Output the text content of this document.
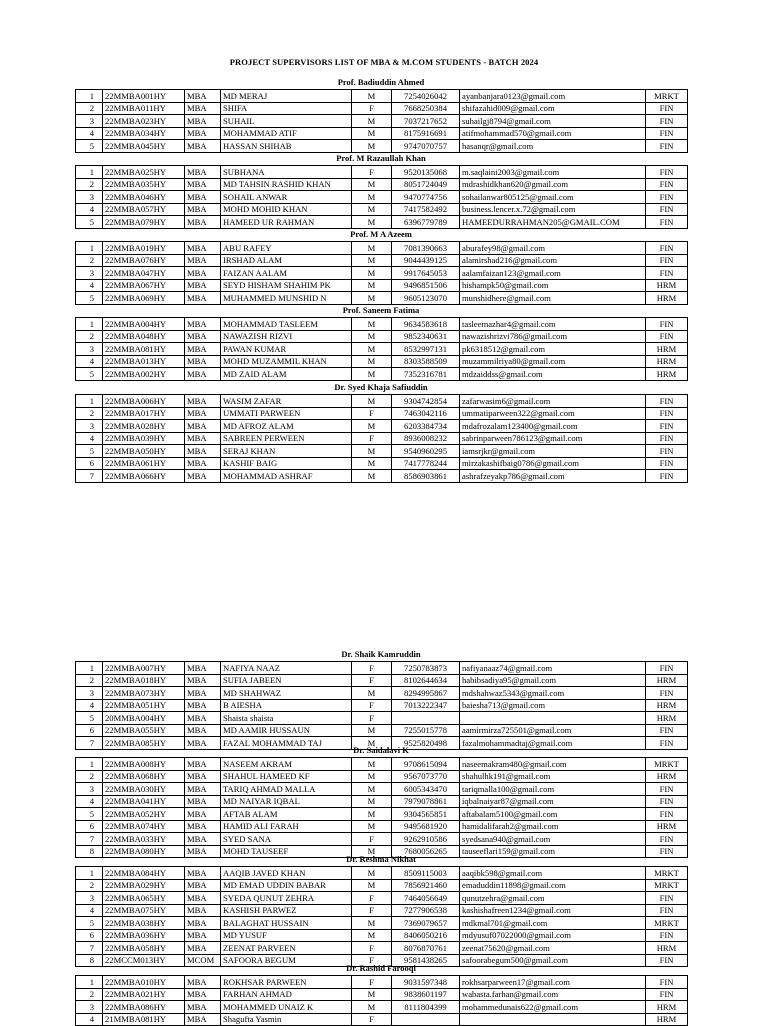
PROJECT SUPERVISORS LIST OF MBA & M.COM STUDENTS - BATCH 2024
Prof. Badiuddin Ahmed
1	22MMBA001HY	MBA	MD MERAJ	M	7254026042	ayanbanjara0123@gmail.com	MRKT
2	22MMBA011HY	MBA	SHIFA	F	7668250384	shifazahid009@gmail.com	FIN
3	22MMBA023HY	MBA	SUHAIL	M	7037217652	suhailgj8794@gmail.com	FIN
4	22MMBA034HY	MBA	MOHAMMAD ATIF	M	8175916691	atifmohammad570@gmail.com	FIN
5	22MMBA045HY	MBA	HASSAN SHIHAB	M	9747070757	hasanqr@gmail.com	FIN
Prof. M Razaullah Khan
1	22MMBA025HY	MBA	SUBHANA	F	9520135068	m.saqlaini2003@gmail.com	FIN
2	22MMBA035HY	MBA	MD TAHSIN RASHID KHAN	M	8051724049	mdrashidkhan620@gmail.com	FIN
3	22MMBA046HY	MBA	SOHAIL ANWAR	M	9470774756	sohailanwar805125@gmail.com	FIN
4	22MMBA057HY	MBA	MOHD MOHID KHAN	M	7417582492	business.lencer.x.72@gmail.com	FIN
5	22MMBA079HY	MBA	HAMEED UR RAHMAN	M	6396779789	HAMEEDURRAHMAN205@GMAIL.COM	FIN
Prof. M A Azeem
1	22MMBA019HY	MBA	ABU RAFEY	M	7081390663	aburafey98@gmail.com	FIN
2	22MMBA076HY	MBA	IRSHAD ALAM	M	9044439125	alamirshad216@gmail.com	FIN
3	22MMBA047HY	MBA	FAIZAN AALAM	M	9917645053	aalamfaizan123@gmail.com	FIN
4	22MMBA067HY	MBA	SEYD HISHAM SHAHIM PK	M	9496851506	hishampk50@gmail.com	HRM
5	22MMBA069HY	MBA	MUHAMMED MUNSHID N	M	9605123070	munshidhere@gmail.com	HRM
Prof. Saneem Fatima
1	22MMBA004HY	MBA	MOHAMMAD TASLEEM	M	9634583618	tasleemazhar4@gmail.com	FIN
2	22MMBA048HY	MBA	NAWAZISH RIZVI	M	9852340631	nawazishrizvi786@gmail.com	FIN
3	22MMBA081HY	MBA	PAWAN KUMAR	M	8532997131	pk6318512@gmail.com	HRM
4	22MMBA013HY	MBA	MOHD MUZAMMIL KHAN	M	8303588509	muzammilriya80@gmail.com	HRM
5	22MMBA002HY	MBA	MD ZAID ALAM	M	7352316781	mdzaiddss@gmail.com	HRM
Dr. Syed Khaja Safiuddin
1	22MMBA006HY	MBA	WASIM ZAFAR	M	9304742854	zafarwasim6@gmail.com	FIN
2	22MMBA017HY	MBA	UMMATI PARWEEN	F	7463042116	ummatiparween322@gmail.com	FIN
3	22MMBA028HY	MBA	MD AFROZ ALAM	M	6203384734	mdafrozalam123400@gmail.com	FIN
4	22MMBA039HY	MBA	SABREEN PERWEEN	F	8936008232	sabrinparween786123@gmail.com	FIN
5	22MMBA050HY	MBA	SERAJ KHAN	M	9540960295	iamsrjkr@gmail.com	FIN
6	22MMBA061HY	MBA	KASHIF BAIG	M	7417778244	mirzakashifbaig0786@gmail.com	FIN
7	22MMBA066HY	MBA	MOHAMMAD ASHRAF	M	8586903861	ashrafzeyakp786@gmail.com	FIN
Dr. Shaik Kamruddin
1	22MMBA007HY	MBA	NAFIYA NAAZ	F	7250783873	nafiyanaaz74@gmail.com	FIN
2	22MMBA018HY	MBA	SUFIA JABEEN	F	8102644634	habibsadiya95@gmail.com	HRM
3	22MMBA073HY	MBA	MD SHAHWAZ	M	8294995867	mdshahwaz5343@gmail.com	FIN
4	22MMBA051HY	MBA	B AIESHA	F	7013222347	baiesha713@gmail.com	HRM
5	20MMBA004HY	MBA	Shaista shaista	F			HRM
6	22MMBA055HY	MBA	MD AAMIR HUSSAUN	M	7255015778	aamirmirza725501@gmail.com	FIN
7	22MMBA085HY	MBA	FAZAL MOHAMMAD TAJ	M	9525820498	fazalmohammadtaj@gmail.com	FIN
Dr. Saidalavi K
1	22MMBA008HY	MBA	NASEEM AKRAM	M	9708615094	naseemakram480@gmail.com	MRKT
2	22MMBA068HY	MBA	SHAHUL HAMEED KF	M	9567073770	shahulhk191@gmail.com	HRM
3	22MMBA030HY	MBA	TARIQ AHMAD MALLA	M	6005343470	tariqmalla100@gmail.com	FIN
4	22MMBA041HY	MBA	MD NAIYAR IQBAL	M	7979078861	iqbalnaiyar87@gmail.com	FIN
5	22MMBA052HY	MBA	AFTAB ALAM	M	9304565851	aftabalam5100@gmail.com	FIN
6	22MMBA074HY	MBA	HAMID ALI FARAH	M	9495681920	hamidalifarah2@gmail.com	HRM
7	22MMBA033HY	MBA	SYED SANA	F	9262910586	syedsana940@gmail.com	FIN
8	22MMBA080HY	MBA	MOHD TAUSEEF	M	7680056265	tauseeflari159@gmail.com	FIN
Dr. Reshma Nikhat
1	22MMBA084HY	MBA	AAQIB JAVED KHAN	M	8509115003	aaqibk598@gmail.com	MRKT
2	22MMBA029HY	MBA	MD EMAD UDDIN BABAR	M	7856921460	emaduddin11898@gmail.com	MRKT
3	22MMBA065HY	MBA	SYEDA QUNUT ZEHRA	F	7464056649	qunutzehra@gmail.com	FIN
4	22MMBA075HY	MBA	KASHISH PARWEZ	F	7277906538	kashishafreen1234@gmail.com	FIN
5	22MMBA038HY	MBA	BALAGHAT HUSSAIN	M	7369079657	mdkmal701@gmail.com	MRKT
6	22MMBA036HY	MBA	MD YUSUF	M	8406050216	mdyusuf07022000@gmail.com	FIN
7	22MMBA058HY	MBA	ZEENAT PARVEEN	F	8076870761	zeenat75620@gmail.com	HRM
8	22MCCM013HY	MCOM	SAFOORA BEGUM	F	9581438265	safoorabegum500@gmail.com	FIN
Dr. Rashid Farooqi
1	22MMBA010HY	MBA	ROKHSAR PARWEEN	F	9031597348	rokhsarparween17@gmail.com	FIN
2	22MMBA021HY	MBA	FARHAN AHMAD	M	9838601197	wabasta.farhan@gmail.com	FIN
3	22MMBA086HY	MBA	MOHAMMED UNAIZ K	M	8111804399	mohammedunais622@gmail.com	HRM
4	21MMBA081HY	MBA	Shagufta Yasmin	F			HRM
